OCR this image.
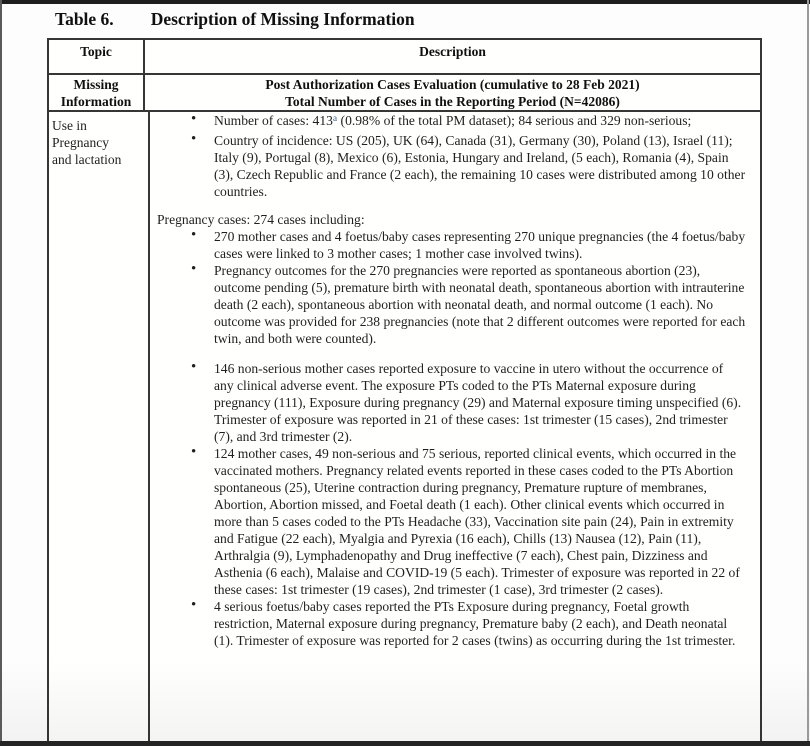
Table 6. Description of Missing Information
Topic	Description
Missing
Information
Post Authorization Cases Evaluation (cumulative to 28 Feb 2021)
Total Number of Cases in the Reporting Period (N=42086)
Use in
Pregnancy
and lactation
• Number of cases: 413$^a$ (0.98% of the total PM dataset); 84 serious and 329 non-serious;
• Country of incidence: US (205), UK (64), Canada (31), Germany (30), Poland (13), Israel (11); Italy (9), Portugal (8), Mexico (6), Estonia, Hungary and Ireland, (5 each), Romania (4), Spain (3), Czech Republic and France (2 each), the remaining 10 cases were distributed among 10 other countries.
Pregnancy cases: 274 cases including:
• 270 mother cases and 4 foetus/baby cases representing 270 unique pregnancies (the 4 foetus/baby cases were linked to 3 mother cases; 1 mother case involved twins).
• Pregnancy outcomes for the 270 pregnancies were reported as spontaneous abortion (23), outcome pending (5), premature birth with neonatal death, spontaneous abortion with intrauterine death (2 each), spontaneous abortion with neonatal death, and normal outcome (1 each). No outcome was provided for 238 pregnancies (note that 2 different outcomes were reported for each twin, and both were counted).
• 146 non-serious mother cases reported exposure to vaccine in utero without the occurrence of any clinical adverse event. The exposure PTs coded to the PTs Maternal exposure during pregnancy (111), Exposure during pregnancy (29) and Maternal exposure timing unspecified (6). Trimester of exposure was reported in 21 of these cases: 1st trimester (15 cases), 2nd trimester (7), and 3rd trimester (2).
• 124 mother cases, 49 non-serious and 75 serious, reported clinical events, which occurred in the vaccinated mothers. Pregnancy related events reported in these cases coded to the PTs Abortion spontaneous (25), Uterine contraction during pregnancy, Premature rupture of membranes, Abortion, Abortion missed, and Foetal death (1 each). Other clinical events which occurred in more than 5 cases coded to the PTs Headache (33), Vaccination site pain (24), Pain in extremity and Fatigue (22 each), Myalgia and Pyrexia (16 each), Chills (13) Nausea (12), Pain (11), Arthralgia (9), Lymphadenopathy and Drug ineffective (7 each), Chest pain, Dizziness and Asthenia (6 each), Malaise and COVID-19 (5 each). Trimester of exposure was reported in 22 of these cases: 1st trimester (19 cases), 2nd trimester (1 case), 3rd trimester (2 cases).
• 4 serious foetus/baby cases reported the PTs Exposure during pregnancy, Foetal growth restriction, Maternal exposure during pregnancy, Premature baby (2 each), and Death neonatal (1). Trimester of exposure was reported for 2 cases (twins) as occurring during the 1st trimester.
